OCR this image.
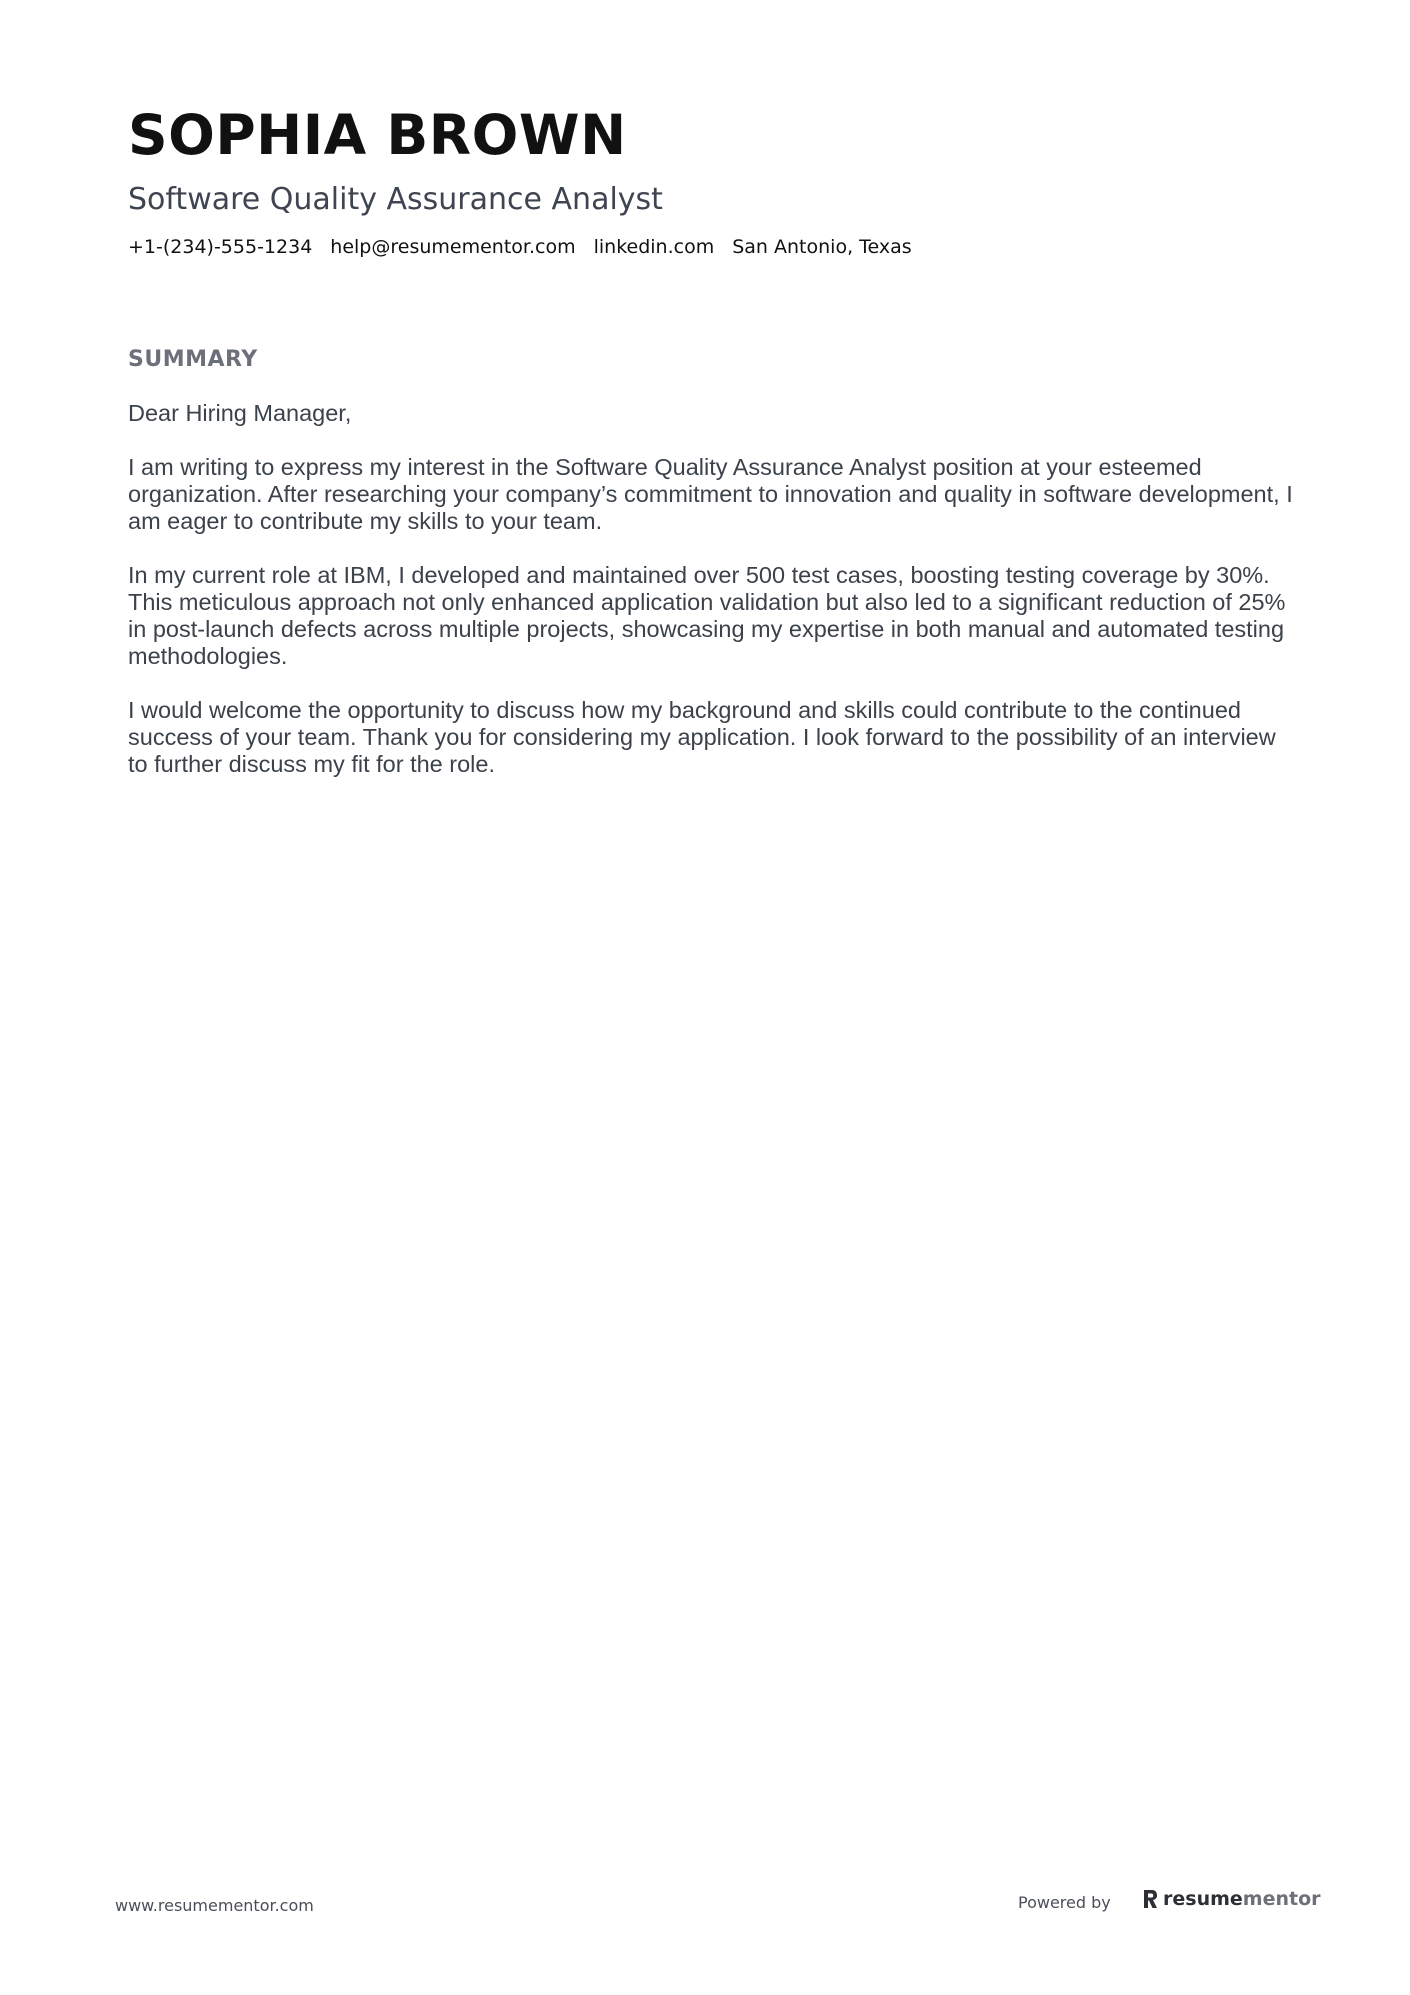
SOPHIA BROWN
Software Quality Assurance Analyst
+1-(234)-555-1234 help@resumementor.com linkedin.com San Antonio, Texas
SUMMARY

Dear Hiring Manager,

I am writing to express my interest in the Software Quality Assurance Analyst position at your esteemed organization. After researching your company’s commitment to innovation and quality in software development, I am eager to contribute my skills to your team.

In my current role at IBM, I developed and maintained over 500 test cases, boosting testing coverage by 30%. This meticulous approach not only enhanced application validation but also led to a significant reduction of 25% in post-launch defects across multiple projects, showcasing my expertise in both manual and automated testing methodologies.

I would welcome the opportunity to discuss how my background and skills could contribute to the continued success of your team. Thank you for considering my application. I look forward to the possibility of an interview to further discuss my fit for the role.

www.resumementor.com	Powered by	resume mentor
